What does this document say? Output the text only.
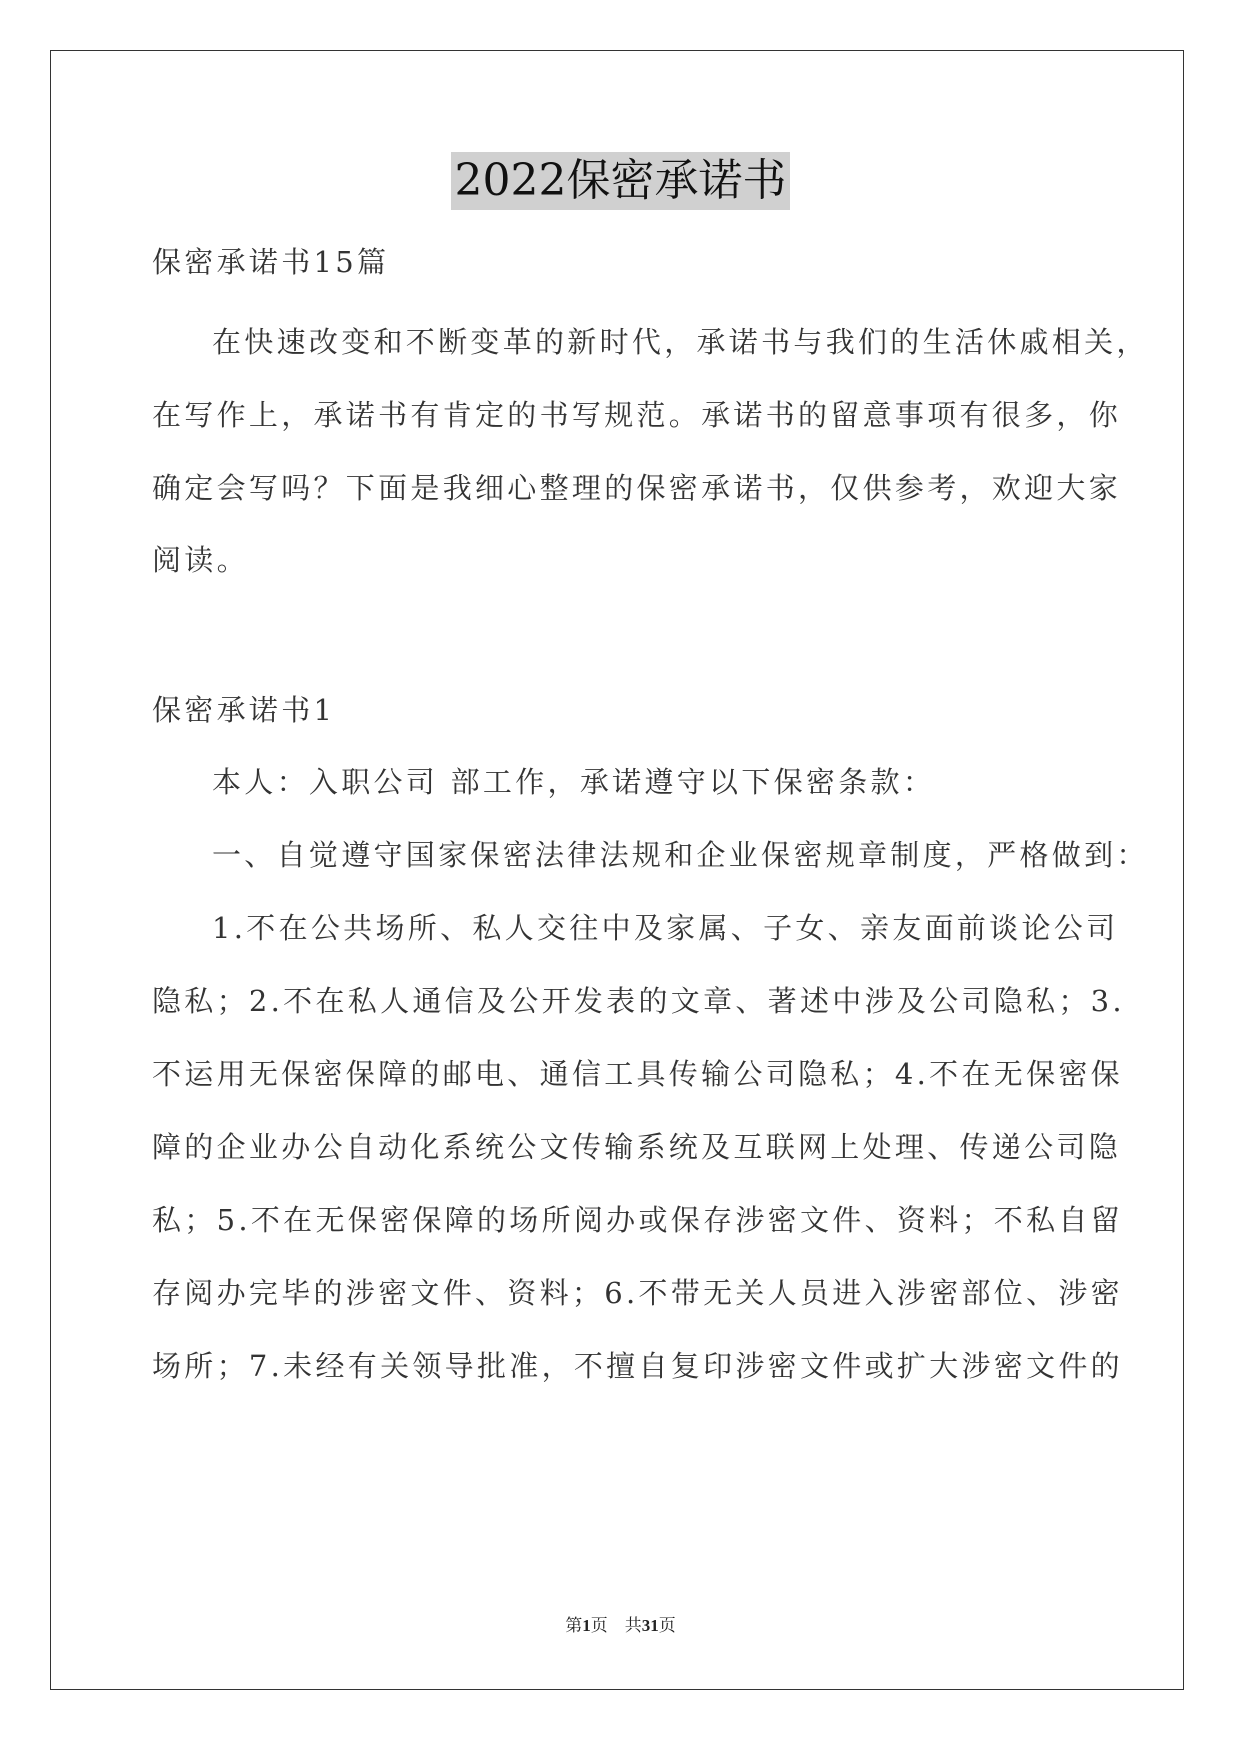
2022保密承诺书
保密承诺书15篇
在快速改变和不断变革的新时代，承诺书与我们的生活休戚相关，
在写作上，承诺书有肯定的书写规范。承诺书的留意事项有很多，你
确定会写吗？下面是我细心整理的保密承诺书，仅供参考，欢迎大家
阅读。
保密承诺书1
本人：入职公司 部工作，承诺遵守以下保密条款：
一、自觉遵守国家保密法律法规和企业保密规章制度，严格做到：
1.不在公共场所、私人交往中及家属、子女、亲友面前谈论公司
隐私；2.不在私人通信及公开发表的文章、著述中涉及公司隐私；3.
不运用无保密保障的邮电、通信工具传输公司隐私；4.不在无保密保
障的企业办公自动化系统公文传输系统及互联网上处理、传递公司隐
私；5.不在无保密保障的场所阅办或保存涉密文件、资料；不私自留
存阅办完毕的涉密文件、资料；6.不带无关人员进入涉密部位、涉密
场所；7.未经有关领导批准，不擅自复印涉密文件或扩大涉密文件的
第1页　共31页
